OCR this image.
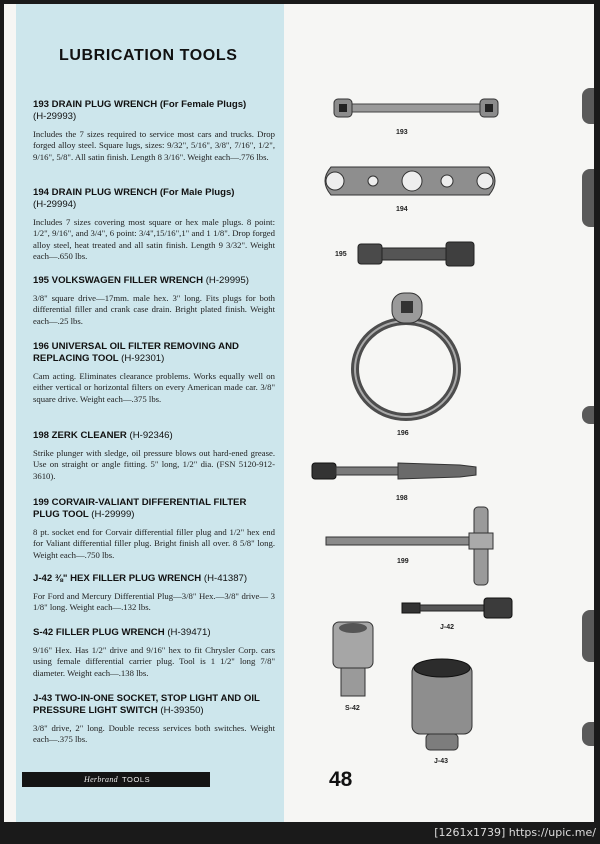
LUBRICATION TOOLS
193 DRAIN PLUG WRENCH (For Female Plugs)
(H-29993)
Includes the 7 sizes required to service most cars and trucks. Drop forged alloy steel. Square lugs, sizes: 9/32", 5/16", 3/8", 7/16", 1/2", 9/16", 5/8". All satin finish. Length 8 3/16". Weight each—.776 lbs.
194 DRAIN PLUG WRENCH (For Male Plugs)
(H-29994)
Includes 7 sizes covering most square or hex male plugs. 8 point: 1/2", 9/16", and 3/4", 6 point: 3/4",15/16",1" and 1 1/8". Drop forged alloy steel, heat treated and all satin finish. Length 9 3/32". Weight each—.650 lbs.
195 VOLKSWAGEN FILLER WRENCH (H-29995)
3/8" square drive—17mm. male hex. 3" long. Fits plugs for both differential filler and crank case drain. Bright plated finish. Weight each—.25 lbs.
196 UNIVERSAL OIL FILTER REMOVING AND REPLACING TOOL (H-92301)
Cam acting. Eliminates clearance problems. Works equally well on either vertical or horizontal filters on every American made car. 3/8" square drive. Weight each—.375 lbs.
198 ZERK CLEANER (H-92346)
Strike plunger with sledge, oil pressure blows out hard-ened grease. Use on straight or angle fitting. 5" long, 1/2" dia. (FSN 5120-912-3610).
199 CORVAIR-VALIANT DIFFERENTIAL FILTER PLUG TOOL (H-29999)
8 pt. socket end for Corvair differential filler plug and 1/2" hex end for Valiant differential filler plug. Bright finish all over. 8 5/8" long. Weight each—.750 lbs.
J-42 ⅜" HEX FILLER PLUG WRENCH (H-41387)
For Ford and Mercury Differential Plug—3/8" Hex.—3/8" drive— 3 1/8" long. Weight each—.132 lbs.
S-42 FILLER PLUG WRENCH (H-39471)
9/16" Hex. Has 1/2" drive and 9/16" hex to fit Chrysler Corp. cars using female differential carrier plug. Tool is 1 1/2" long 7/8" diameter. Weight each—.138 lbs.
J-43 TWO-IN-ONE SOCKET, STOP LIGHT AND OIL PRESSURE LIGHT SWITCH (H-39350)
3/8" drive, 2" long. Double recess services both switches. Weight each—.375 lbs.
Herbrand TOOLS	48
193
194
195
196
198
199
J-42
S-42
J-43
[1261x1739] https://upic.me/
